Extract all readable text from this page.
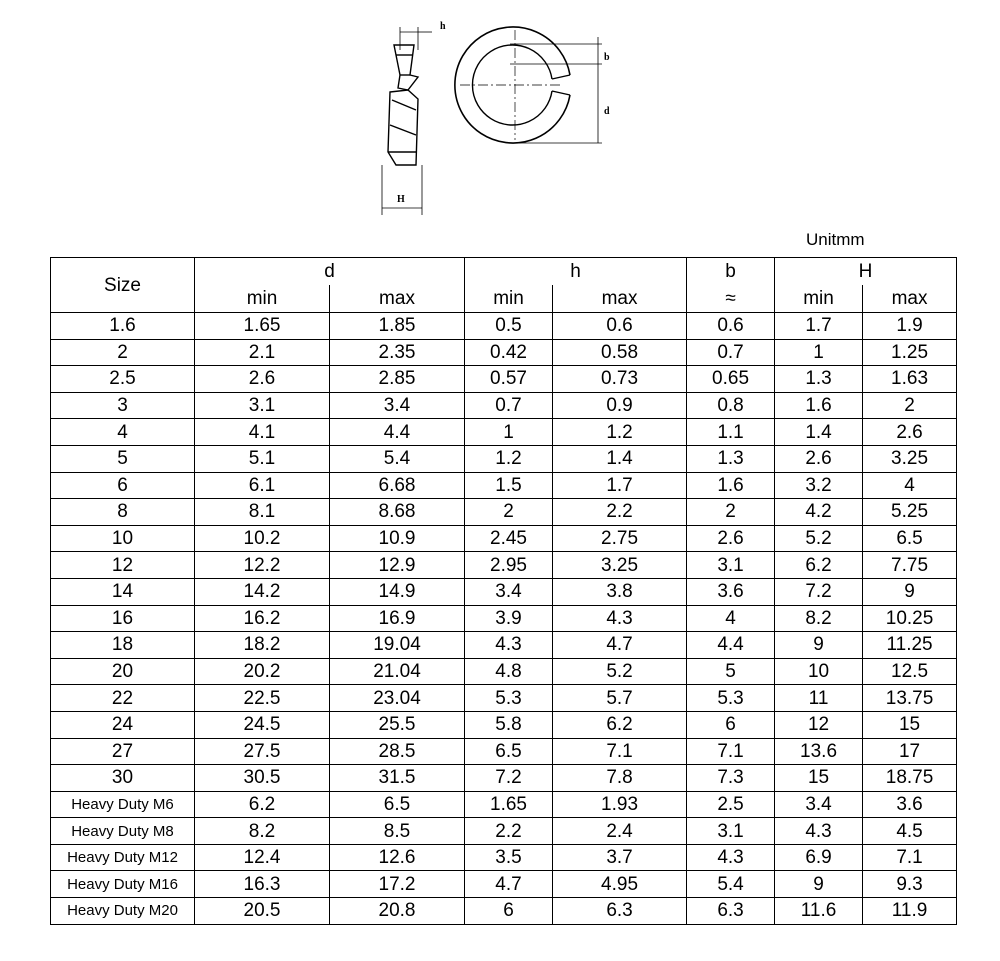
h
b
d
H
Unitmm
Size	d		h		b	H	
	min	max	min	max	≈	min	max
1.6	1.65	1.85	0.5	0.6	0.6	1.7	1.9
2	2.1	2.35	0.42	0.58	0.7	1	1.25
2.5	2.6	2.85	0.57	0.73	0.65	1.3	1.63
3	3.1	3.4	0.7	0.9	0.8	1.6	2
4	4.1	4.4	1	1.2	1.1	1.4	2.6
5	5.1	5.4	1.2	1.4	1.3	2.6	3.25
6	6.1	6.68	1.5	1.7	1.6	3.2	4
8	8.1	8.68	2	2.2	2	4.2	5.25
10	10.2	10.9	2.45	2.75	2.6	5.2	6.5
12	12.2	12.9	2.95	3.25	3.1	6.2	7.75
14	14.2	14.9	3.4	3.8	3.6	7.2	9
16	16.2	16.9	3.9	4.3	4	8.2	10.25
18	18.2	19.04	4.3	4.7	4.4	9	11.25
20	20.2	21.04	4.8	5.2	5	10	12.5
22	22.5	23.04	5.3	5.7	5.3	11	13.75
24	24.5	25.5	5.8	6.2	6	12	15
27	27.5	28.5	6.5	7.1	7.1	13.6	17
30	30.5	31.5	7.2	7.8	7.3	15	18.75
Heavy Duty M6	6.2	6.5	1.65	1.93	2.5	3.4	3.6
Heavy Duty M8	8.2	8.5	2.2	2.4	3.1	4.3	4.5
Heavy Duty M12	12.4	12.6	3.5	3.7	4.3	6.9	7.1
Heavy Duty M16	16.3	17.2	4.7	4.95	5.4	9	9.3
Heavy Duty M20	20.5	20.8	6	6.3	6.3	11.6	11.9
